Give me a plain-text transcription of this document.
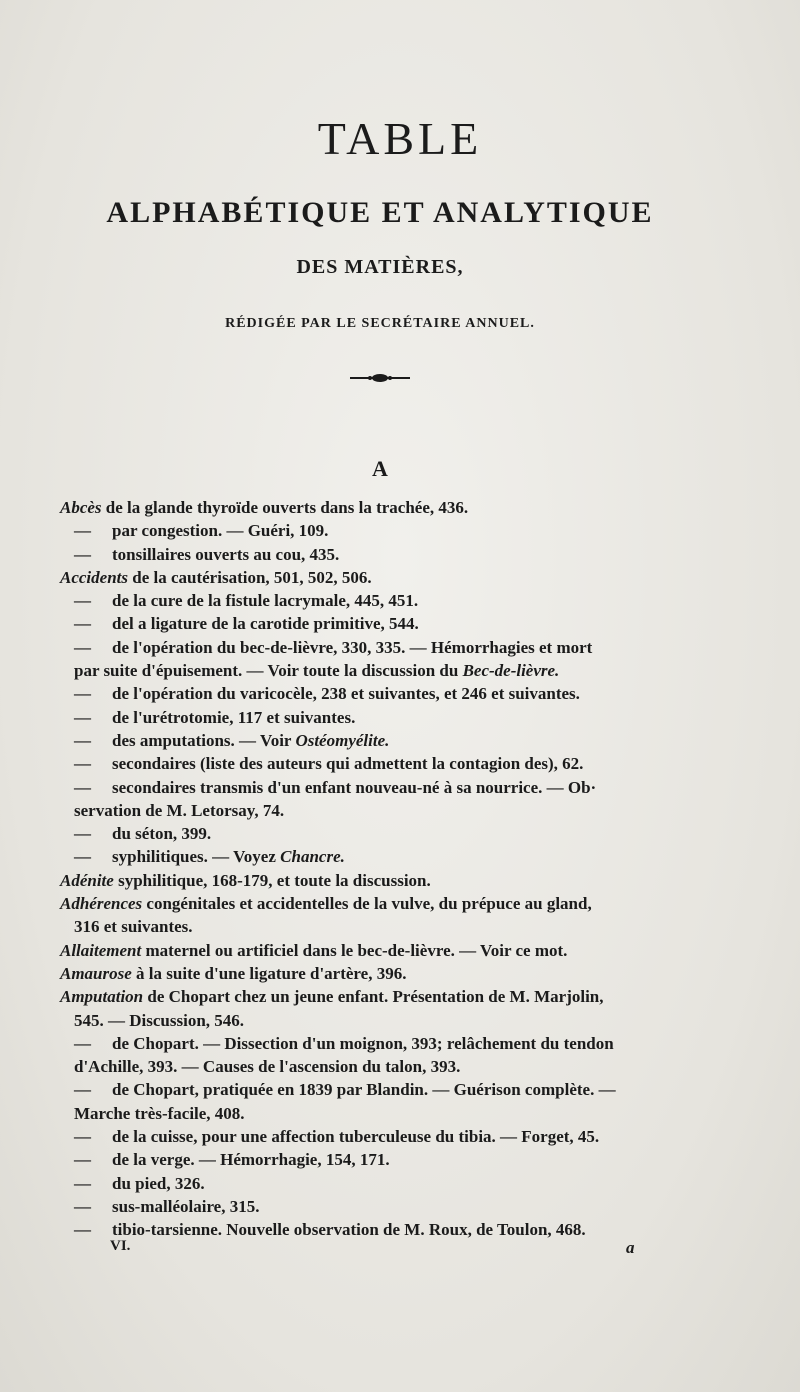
TABLE
ALPHABÉTIQUE ET ANALYTIQUE
DES MATIÈRES,
RÉDIGÉE PAR LE SECRÉTAIRE ANNUEL.
A

Abcès de la glande thyroïde ouverts dans la trachée, 436.

— par congestion. — Guéri, 109.

— tonsillaires ouverts au cou, 435.

Accidents de la cautérisation, 501, 502, 506.

— de la cure de la fistule lacrymale, 445, 451.

— del a ligature de la carotide primitive, 544.

— de l'opération du bec-de-lièvre, 330, 335. — Hémorrhagies et mort

par suite d'épuisement. — Voir toute la discussion du Bec-de-lièvre.

— de l'opération du varicocèle, 238 et suivantes, et 246 et suivantes.

— de l'urétrotomie, 117 et suivantes.

— des amputations. — Voir Ostéomyélite.

— secondaires (liste des auteurs qui admettent la contagion des), 62.

— secondaires transmis d'un enfant nouveau-né à sa nourrice. — Ob·

servation de M. Letorsay, 74.

— du séton, 399.

— syphilitiques. — Voyez Chancre.

Adénite syphilitique, 168-179, et toute la discussion.

Adhérences congénitales et accidentelles de la vulve, du prépuce au gland,

316 et suivantes.

Allaitement maternel ou artificiel dans le bec-de-lièvre. — Voir ce mot.

Amaurose à la suite d'une ligature d'artère, 396.

Amputation de Chopart chez un jeune enfant. Présentation de M. Marjolin,

545. — Discussion, 546.

— de Chopart. — Dissection d'un moignon, 393; relâchement du tendon

d'Achille, 393. — Causes de l'ascension du talon, 393.

— de Chopart, pratiquée en 1839 par Blandin. — Guérison complète. —

Marche très-facile, 408.

— de la cuisse, pour une affection tuberculeuse du tibia. — Forget, 45.

— de la verge. — Hémorrhagie, 154, 171.

— du pied, 326.

— sus-malléolaire, 315.

— tibio-tarsienne. Nouvelle observation de M. Roux, de Toulon, 468.

VI.	a
